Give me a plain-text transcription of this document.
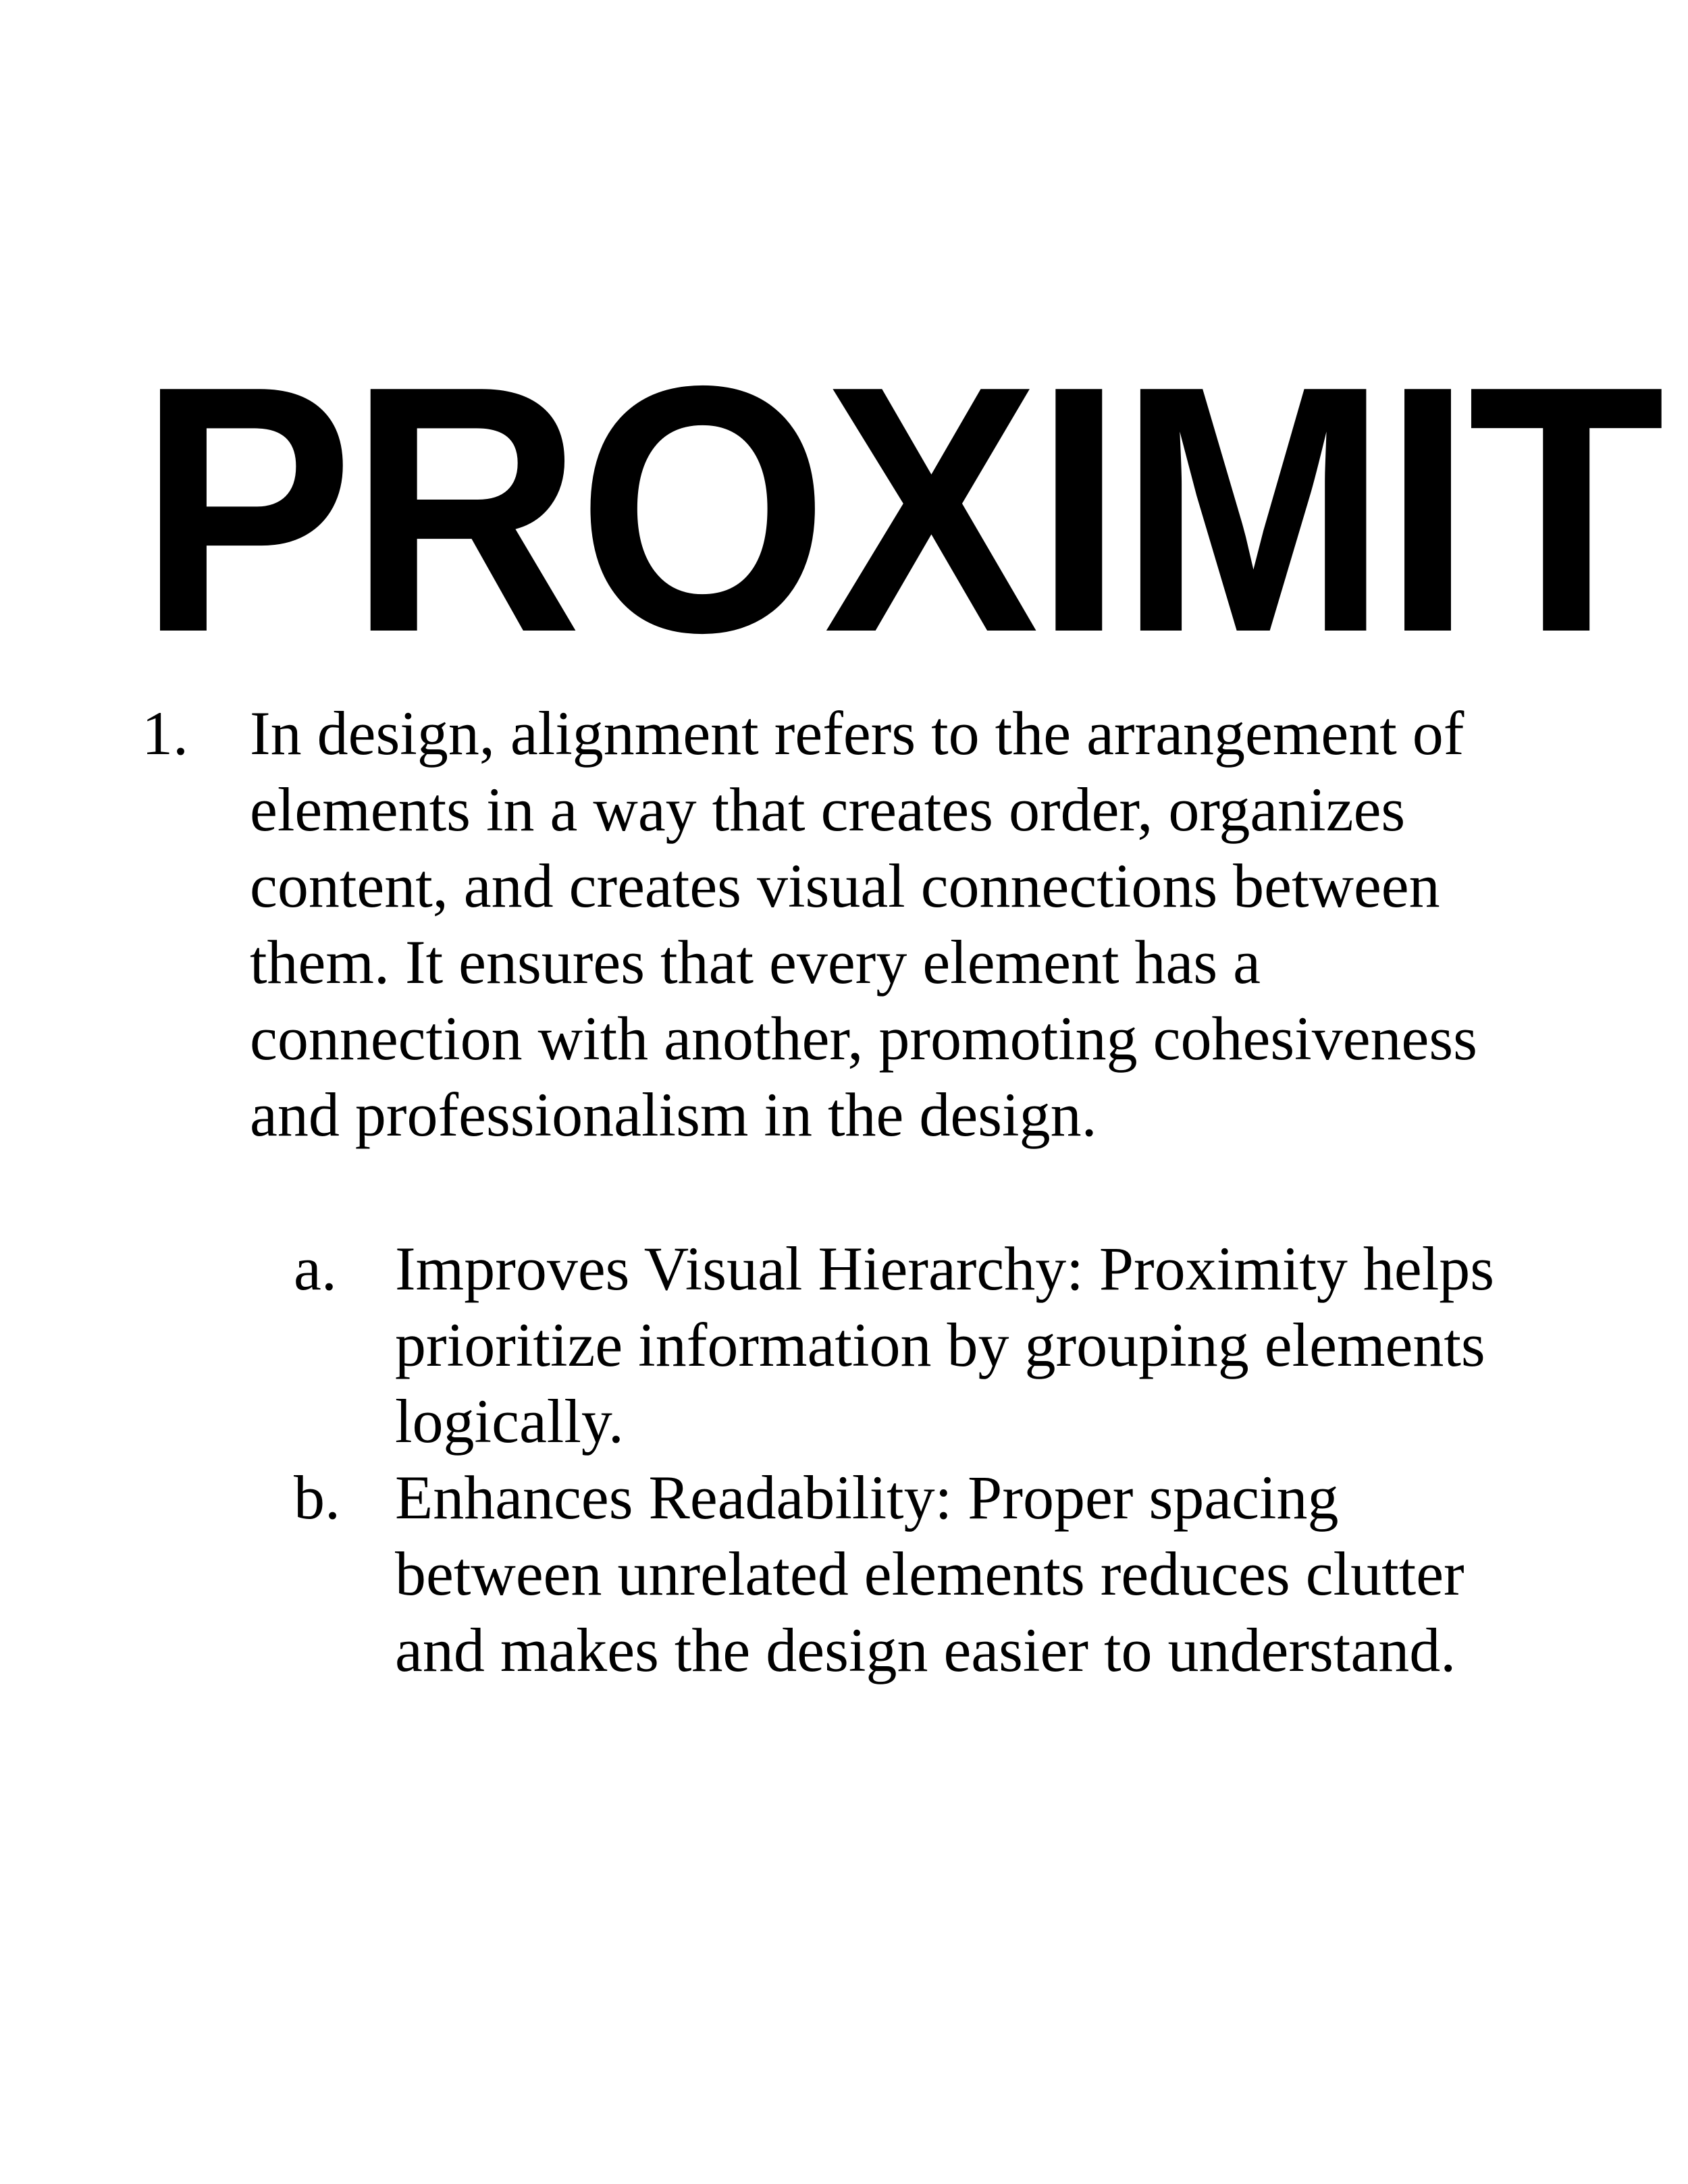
PROXIMIT
1. In design, alignment refers to the arrangement of
elements in a way that creates order, organizes
content, and creates visual connections between
them. It ensures that every element has a
connection with another, promoting cohesiveness
and professionalism in the design.
a. Improves Visual Hierarchy: Proximity helps
prioritize information by grouping elements
logically.
b. Enhances Readability: Proper spacing
between unrelated elements reduces clutter
and makes the design easier to understand.
